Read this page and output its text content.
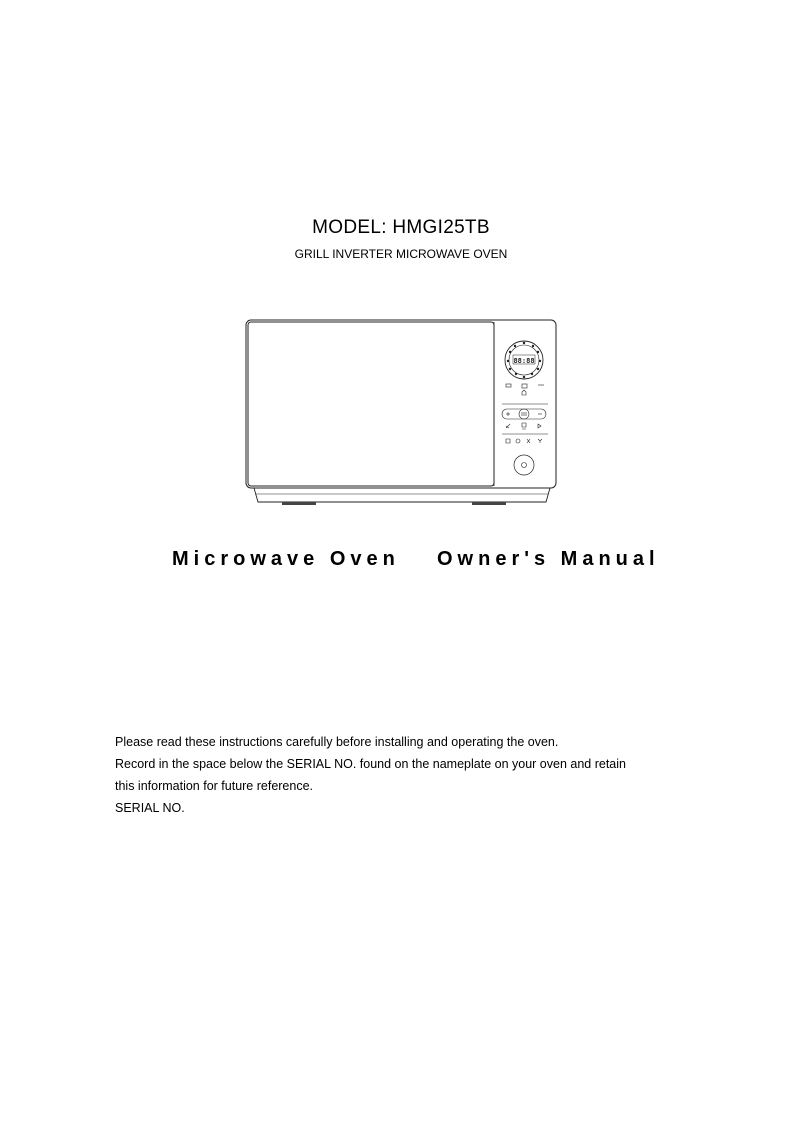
MODEL: HMGI25TB
GRILL INVERTER MICROWAVE OVEN
88:88
Microwave Oven Owner's Manual
Please read these instructions carefully before installing and operating the oven.
Record in the space below the SERIAL NO. found on the nameplate on your oven and retain
this information for future reference.
SERIAL NO.
